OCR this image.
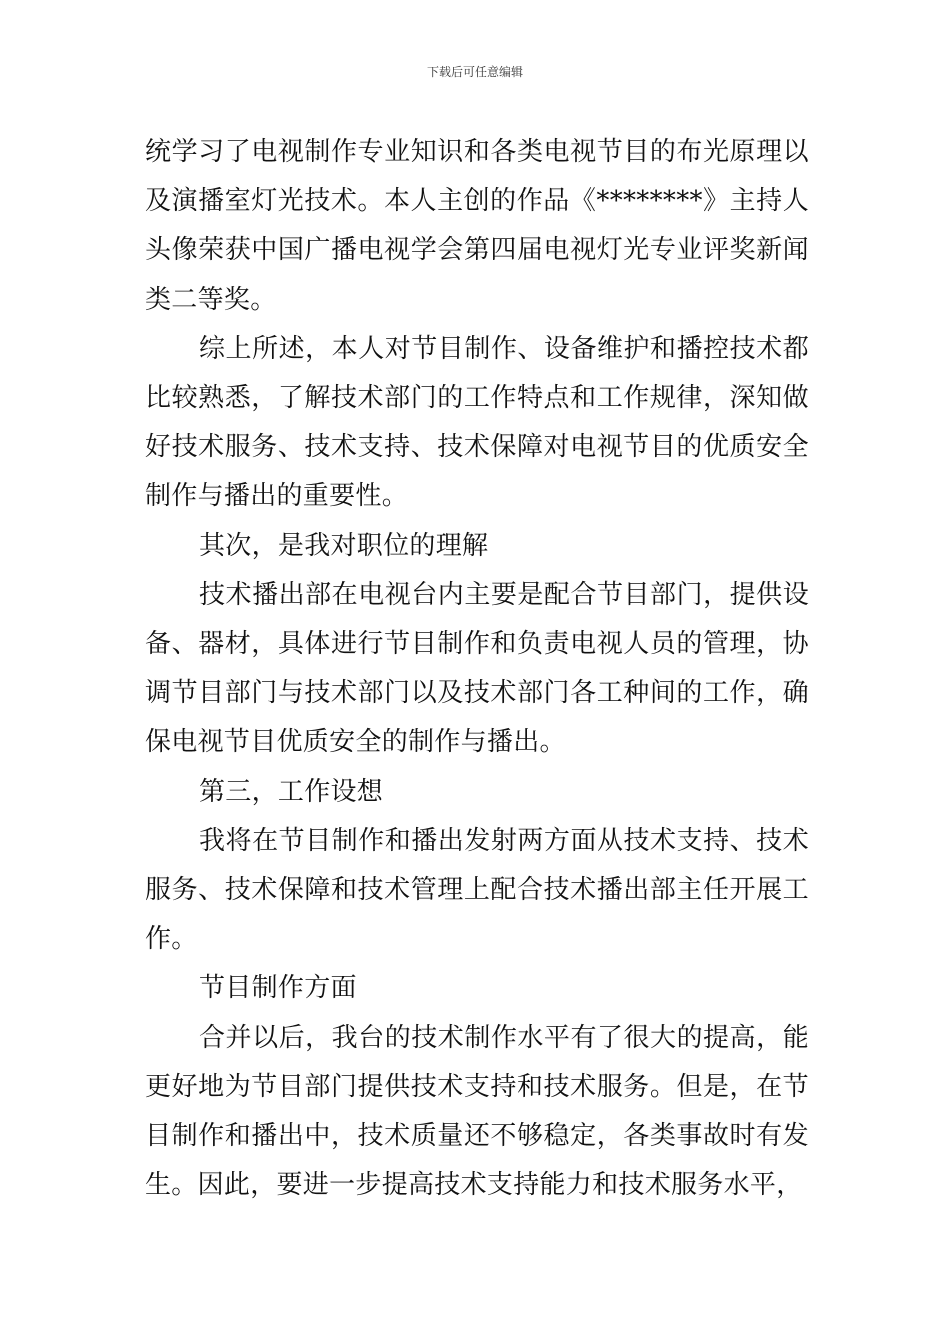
下载后可任意编辑

统学习了电视制作专业知识和各类电视节目的布光原理以及演播室灯光技术。本人主创的作品《********》主持人头像荣获中国广播电视学会第四届电视灯光专业评奖新闻类二等奖。

综上所述，本人对节目制作、设备维护和播控技术都比较熟悉，了解技术部门的工作特点和工作规律，深知做好技术服务、技术支持、技术保障对电视节目的优质安全制作与播出的重要性。

其次，是我对职位的理解

技术播出部在电视台内主要是配合节目部门，提供设备、器材，具体进行节目制作和负责电视人员的管理，协调节目部门与技术部门以及技术部门各工种间的工作，确保电视节目优质安全的制作与播出。

第三，工作设想

我将在节目制作和播出发射两方面从技术支持、技术服务、技术保障和技术管理上配合技术播出部主任开展工作。

节目制作方面

合并以后，我台的技术制作水平有了很大的提高，能更好地为节目部门提供技术支持和技术服务。但是，在节目制作和播出中，技术质量还不够稳定，各类事故时有发生。因此，要进一步提高技术支持能力和技术服务水平，
